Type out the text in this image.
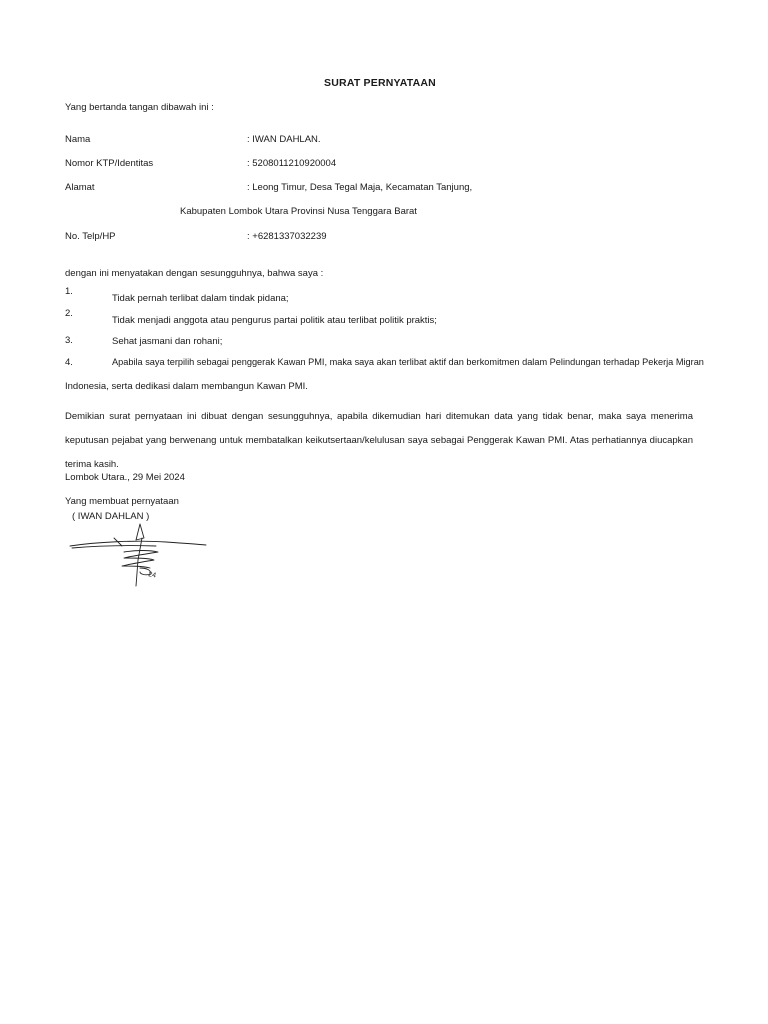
SURAT PERNYATAAN
Yang bertanda tangan dibawah ini :
Nama	: IWAN DAHLAN.
Nomor KTP/Identitas	: 5208011210920004
Alamat	: Leong Timur, Desa Tegal Maja, Kecamatan Tanjung,
Kabupaten Lombok Utara Provinsi Nusa Tenggara Barat
No. Telp/HP	: +6281337032239
dengan ini menyatakan dengan sesungguhnya, bahwa saya :
1.
Tidak pernah terlibat dalam tindak pidana;
2.
Tidak menjadi anggota atau pengurus partai politik atau terlibat politik praktis;
3.	Sehat jasmani dan rohani;
4.	Apabila saya terpilih sebagai penggerak Kawan PMI, maka saya akan terlibat aktif dan berkomitmen dalam Pelindungan terhadap Pekerja Migran
Indonesia, serta dedikasi dalam membangun Kawan PMI.
Demikian surat pernyataan ini dibuat dengan sesungguhnya, apabila dikemudian hari ditemukan data yang tidak benar, maka saya menerima keputusan pejabat yang berwenang untuk membatalkan keikutsertaan/kelulusan saya sebagai Penggerak Kawan PMI. Atas perhatiannya diucapkan terima kasih.
Lombok Utara., 29 Mei 2024
Yang membuat pernyataan
( IWAN DAHLAN )
24
